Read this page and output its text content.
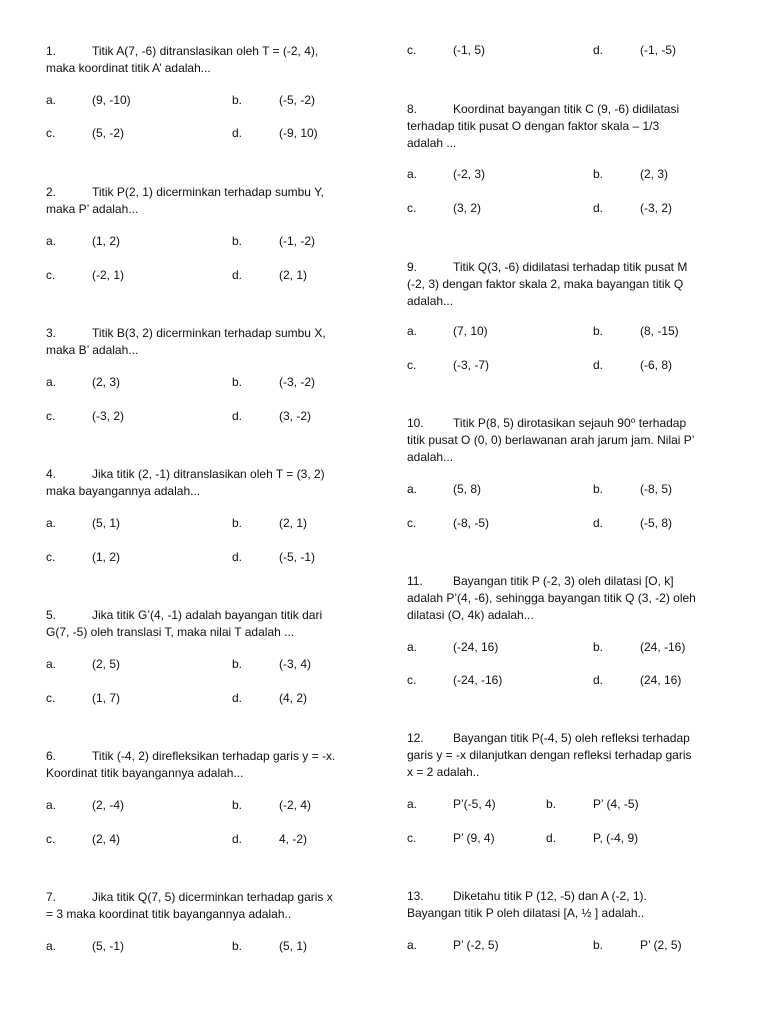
1.	Titik A(7, -6) ditranslasikan oleh T = (-2, 4),
maka koordinat titik A’ adalah...
a.	(9, -10)	b.	(-5, -2)
c.	(5, -2)	d.	(-9, 10)
2.	Titik P(2, 1) dicerminkan terhadap sumbu Y,
maka P’ adalah...
a.	(1, 2)	b.	(-1, -2)
c.	(-2, 1)	d.	(2, 1)
3.	Titik B(3, 2) dicerminkan terhadap sumbu X,
maka B’ adalah...
a.	(2, 3)	b.	(-3, -2)
c.	(-3, 2)	d.	(3, -2)
4.	Jika titik (2, -1) ditranslasikan oleh T = (3, 2)
maka bayangannya adalah...
a.	(5, 1)	b.	(2, 1)
c.	(1, 2)	d.	(-5, -1)
5.	Jika titik G’(4, -1) adalah bayangan titik dari
G(7, -5) oleh translasi T, maka nilai T adalah ...
a.	(2, 5)	b.	(-3, 4)
c.	(1, 7)	d.	(4, 2)
6.	Titik (-4, 2) direfleksikan terhadap garis y = -x.
Koordinat titik bayangannya adalah...
a.	(2, -4)	b.	(-2, 4)
c.	(2, 4)	d.	4, -2)
7.	Jika titik Q(7, 5) dicerminkan terhadap garis x
= 3 maka koordinat titik bayangannya adalah..
a.	(5, -1)	b.	(5, 1)
c.	(-1, 5)	d.	(-1, -5)
8.	Koordinat bayangan titik C (9, -6) didilatasi
terhadap titik pusat O dengan faktor skala – 1/3
adalah ...
a.	(-2, 3)	b.	(2, 3)
c.	(3, 2)	d.	(-3, 2)
9.	Titik Q(3, -6) didilatasi terhadap titik pusat M
(-2, 3) dengan faktor skala 2, maka bayangan titik Q
adalah...
a.	(7, 10)	b.	(8, -15)
c.	(-3, -7)	d.	(-6, 8)
10.	Titik P(8, 5) dirotasikan sejauh 90⁰ terhadap
titik pusat O (0, 0) berlawanan arah jarum jam. Nilai P’
adalah...
a.	(5, 8)	b.	(-8, 5)
c.	(-8, -5)	d.	(-5, 8)
11.	Bayangan titik P (-2, 3) oleh dilatasi [O, k]
adalah P’(4, -6), sehingga bayangan titik Q (3, -2) oleh
dilatasi (O, 4k) adalah...
a.	(-24, 16)	b.	(24, -16)
c.	(-24, -16)	d.	(24, 16)
12.	Bayangan titik P(-4, 5) oleh refleksi terhadap
garis y = -x dilanjutkan dengan refleksi terhadap garis
x = 2 adalah..
a.	P’(-5, 4)	b.	P’ (4, -5)
c.	P’ (9, 4)	d.	P, (-4, 9)
13.	Diketahu titik P (12, -5) dan A (-2, 1).
Bayangan titik P oleh dilatasi [A, ½ ] adalah..
a.	P’ (-2, 5)	b.	P’ (2, 5)
